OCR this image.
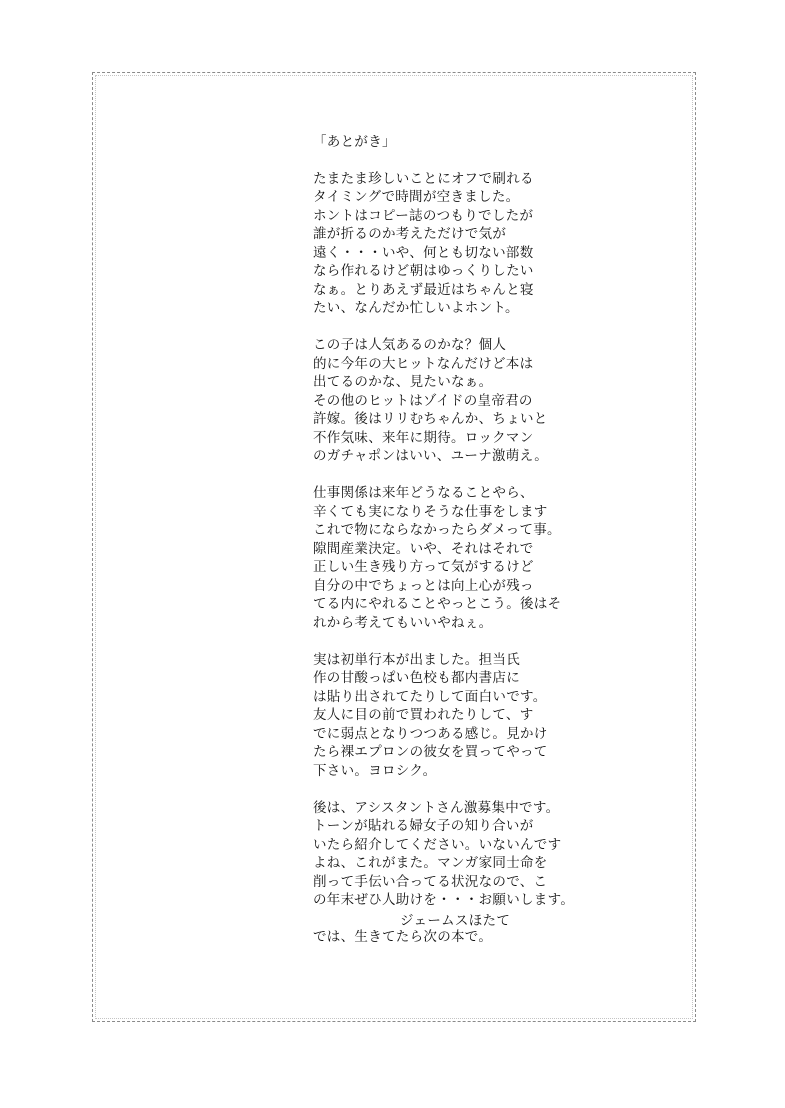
「あとがき」
たまたま珍しいことにオフで刷れる
タイミングで時間が空きました。
ホントはコピー誌のつもりでしたが
誰が折るのか考えただけで気が
遠く・・・いや、何とも切ない部数
なら作れるけど朝はゆっくりしたい
なぁ。とりあえず最近はちゃんと寝
たい、なんだか忙しいよホント。
この子は人気あるのかな？個人
的に今年の大ヒットなんだけど本は
出てるのかな、見たいなぁ。
その他のヒットはゾイドの皇帝君の
許嫁。後はリリむちゃんか、ちょいと
不作気味、来年に期待。ロックマン
のガチャポンはいい、ユーナ激萌え。
仕事関係は来年どうなることやら、
辛くても実になりそうな仕事をします
これで物にならなかったらダメって事。
隙間産業決定。いや、それはそれで
正しい生き残り方って気がするけど
自分の中でちょっとは向上心が残っ
てる内にやれることやっとこう。後はそ
れから考えてもいいやねぇ。
実は初単行本が出ました。担当氏
作の甘酸っぱい色校も都内書店に
は貼り出されてたりして面白いです。
友人に目の前で買われたりして、す
でに弱点となりつつある感じ。見かけ
たら裸エプロンの彼女を買ってやって
下さい。ヨロシク。
後は、アシスタントさん激募集中です。
トーンが貼れる婦女子の知り合いが
いたら紹介してください。いないんです
よね、これがまた。マンガ家同士命を
削って手伝い合ってる状況なので、こ
の年末ぜひ人助けを・・・お願いします。
では、生きてたら次の本で。
ジェームスほたて
